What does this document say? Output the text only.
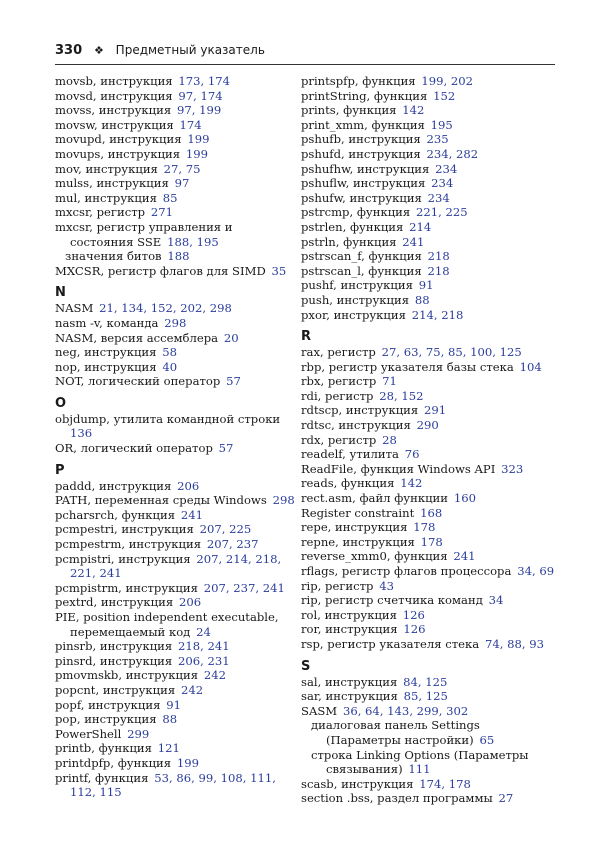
330 ❖ Предметный указатель
movsb, инструкция  173, 174
movsd, инструкция  97, 174
movss, инструкция  97, 199
movsw, инструкция  174
movupd, инструкция  199
movups, инструкция  199
mov, инструкция  27, 75
mulss, инструкция  97
mul, инструкция  85
mxcsr, регистр  271
mxcsr, регистр управления и состояния SSE  188, 195
значения битов  188
MXCSR, регистр флагов для SIMD  35
N
NASM  21, 134, 152, 202, 298
nasm -v, команда  298
NASM, версия ассемблера  20
neg, инструкция  58
nop, инструкция  40
NOT, логический оператор  57
O
objdump, утилита командной строки 136
OR, логический оператор  57
P
paddd, инструкция  206
PATH, переменная среды Windows  298
pcharsrch, функция  241
pcmpestri, инструкция  207, 225
pcmpestrm, инструкция  207, 237
pcmpistri, инструкция  207, 214, 218, 221, 241
pcmpistrm, инструкция  207, 237, 241
pextrd, инструкция  206
PIE, position independent executable, перемещаемый код  24
pinsrb, инструкция  218, 241
pinsrd, инструкция  206, 231
pmovmskb, инструкция  242
popcnt, инструкция  242
popf, инструкция  91
pop, инструкция  88
PowerShell  299
printb, функция  121
printdpfp, функция  199
printf, функция  53, 86, 99, 108, 111, 112, 115
printspfp, функция  199, 202
printString, функция  152
prints, функция  142
print_xmm, функция  195
pshufb, инструкция  235
pshufd, инструкция  234, 282
pshufhw, инструкция  234
pshuflw, инструкция  234
pshufw, инструкция  234
pstrcmp, функция  221, 225
pstrlen, функция  214
pstrln, функция  241
pstrscan_f, функция  218
pstrscan_l, функция  218
pushf, инструкция  91
push, инструкция  88
pxor, инструкция  214, 218
R
rax, регистр  27, 63, 75, 85, 100, 125
rbp, регистр указателя базы стека  104
rbx, регистр  71
rdi, регистр  28, 152
rdtscp, инструкция  291
rdtsc, инструкция  290
rdx, регистр  28
readelf, утилита  76
ReadFile, функция Windows API  323
reads, функция  142
rect.asm, файл функции  160
Register constraint  168
repe, инструкция  178
repne, инструкция  178
reverse_xmm0, функция  241
rflags, регистр флагов процессора  34, 69
rip, регистр  43
rip, регистр счетчика команд  34
rol, инструкция  126
ror, инструкция  126
rsp, регистр указателя стека  74, 88, 93
S
sal, инструкция  84, 125
sar, инструкция  85, 125
SASM  36, 64, 143, 299, 302
диалоговая панель Settings (Параметры настройки)  65
строка Linking Options (Параметры связывания)  111
scasb, инструкция  174, 178
section .bss, раздел программы  27
